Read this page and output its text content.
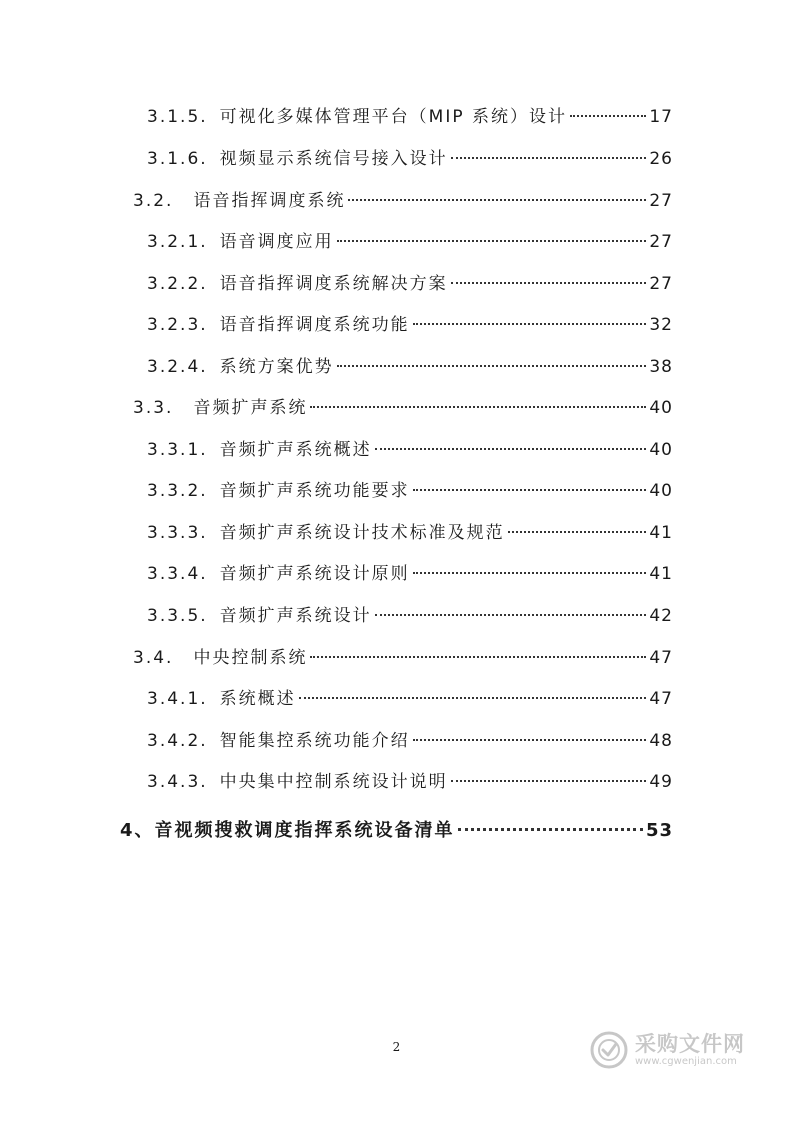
3.1.5. 可视化多媒体管理平台（MIP 系统）设计	17
3.1.6. 视频显示系统信号接入设计	26
3.2. 语音指挥调度系统	27
3.2.1. 语音调度应用	27
3.2.2. 语音指挥调度系统解决方案	27
3.2.3. 语音指挥调度系统功能	32
3.2.4. 系统方案优势	38
3.3. 音频扩声系统	40
3.3.1. 音频扩声系统概述	40
3.3.2. 音频扩声系统功能要求	40
3.3.3. 音频扩声系统设计技术标准及规范	41
3.3.4. 音频扩声系统设计原则	41
3.3.5. 音频扩声系统设计	42
3.4. 中央控制系统	47
3.4.1. 系统概述	47
3.4.2. 智能集控系统功能介绍	48
3.4.3. 中央集中控制系统设计说明	49
4、 音视频搜救调度指挥系统设备清单	53
2	采购文件网
www.cgwenjian.com
